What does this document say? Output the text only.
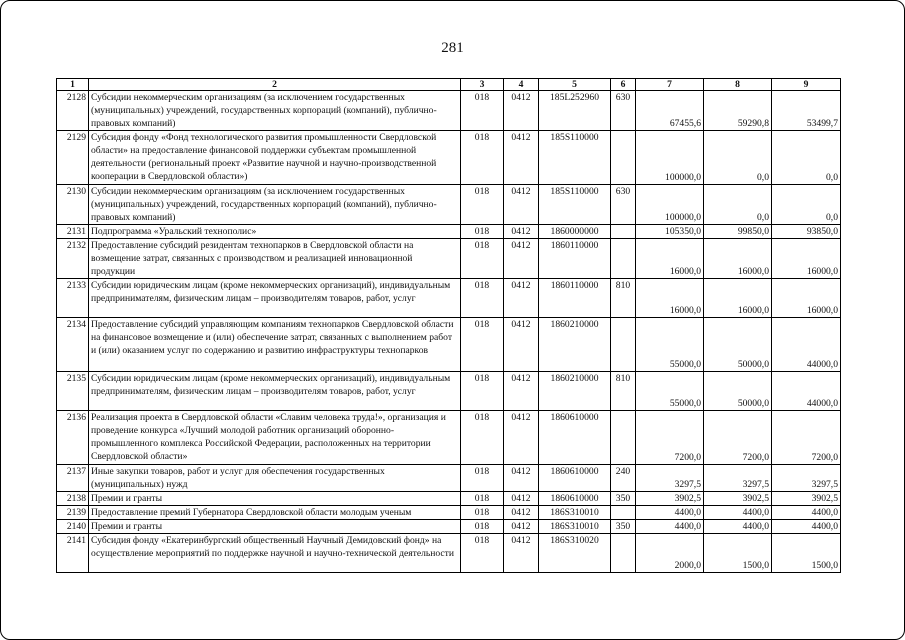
281
1	2	3	4	5	6	7	8	9
2128	Субсидии некоммерческим организациям (за исключением государственных (муниципальных) учреждений, государственных корпораций (компаний), публично-правовых компаний)	018	0412	185L252960	630	67455,6	59290,8	53499,7
2129	Субсидия фонду «Фонд технологического развития промышленности Свердловской области» на предоставление финансовой поддержки субъектам промышленной деятельности (региональный проект «Развитие научной и научно-производственной кооперации в Свердловской области»)	018	0412	185S110000		100000,0	0,0	0,0
2130	Субсидии некоммерческим организациям (за исключением государственных (муниципальных) учреждений, государственных корпораций (компаний), публично-правовых компаний)	018	0412	185S110000	630	100000,0	0,0	0,0
2131	Подпрограмма «Уральский технополис»	018	0412	1860000000		105350,0	99850,0	93850,0
2132	Предоставление субсидий резидентам технопарков в Свердловской области на возмещение затрат, связанных с производством и реализацией инновационной продукции	018	0412	1860110000		16000,0	16000,0	16000,0
2133	Субсидии юридическим лицам (кроме некоммерческих организаций), индивидуальным предпринимателям, физическим лицам – производителям товаров, работ, услуг	018	0412	1860110000	810	16000,0	16000,0	16000,0
2134	Предоставление субсидий управляющим компаниям технопарков Свердловской области на финансовое возмещение и (или) обеспечение затрат, связанных с выполнением работ и (или) оказанием услуг по содержанию и развитию инфраструктуры технопарков	018	0412	1860210000		55000,0	50000,0	44000,0
2135	Субсидии юридическим лицам (кроме некоммерческих организаций), индивидуальным предпринимателям, физическим лицам – производителям товаров, работ, услуг	018	0412	1860210000	810	55000,0	50000,0	44000,0
2136	Реализация проекта в Свердловской области «Славим человека труда!», организация и проведение конкурса «Лучший молодой работник организаций оборонно-промышленного комплекса Российской Федерации, расположенных на территории Свердловской области»	018	0412	1860610000		7200,0	7200,0	7200,0
2137	Иные закупки товаров, работ и услуг для обеспечения государственных (муниципальных) нужд	018	0412	1860610000	240	3297,5	3297,5	3297,5
2138	Премии и гранты	018	0412	1860610000	350	3902,5	3902,5	3902,5
2139	Предоставление премий Губернатора Свердловской области молодым ученым	018	0412	186S310010		4400,0	4400,0	4400,0
2140	Премии и гранты	018	0412	186S310010	350	4400,0	4400,0	4400,0
2141	Субсидия фонду «Екатеринбургский общественный Научный Демидовский фонд» на осуществление мероприятий по поддержке научной и научно-технической деятельности	018	0412	186S310020		2000,0	1500,0	1500,0
